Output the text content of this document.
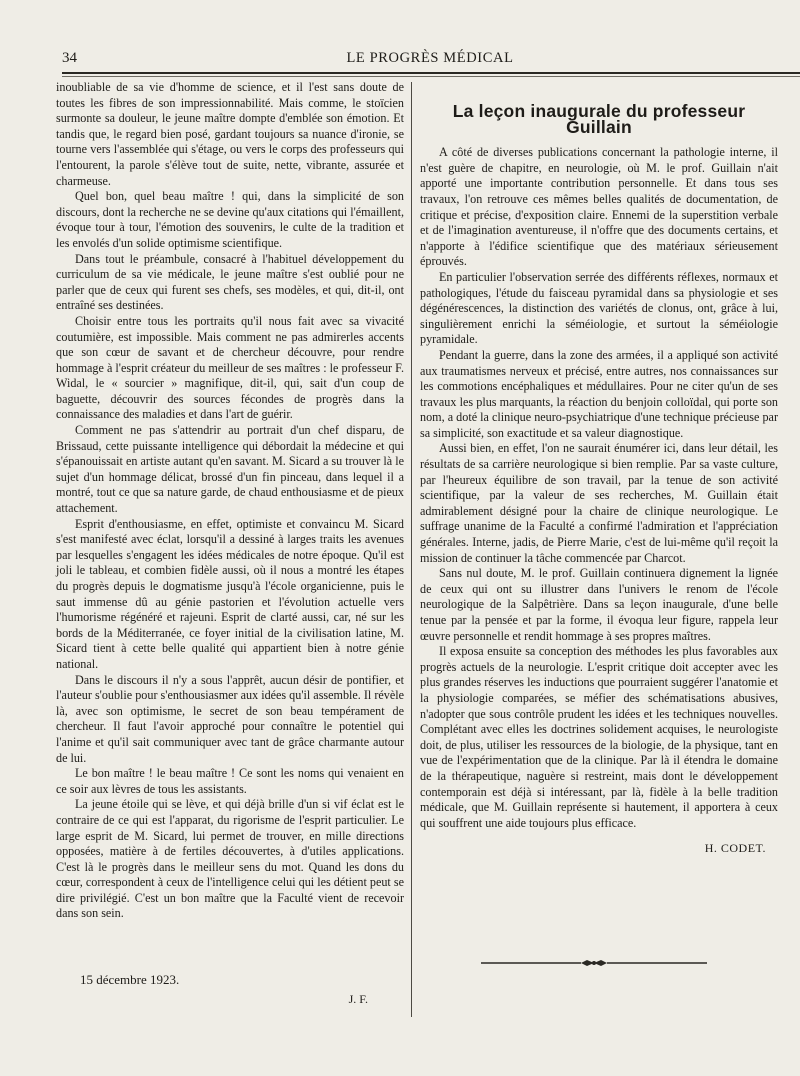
34	LE PROGRÈS MÉDICAL

inoubliable de sa vie d'homme de science, et il l'est sans doute de toutes les fibres de son impressionnabilité. Mais comme, le stoïcien surmonte sa douleur, le jeune maître dompte d'emblée son émotion. Et tandis que, le regard bien posé, gardant toujours sa nuance d'ironie, se tourne vers l'assemblée qui s'étage, ou vers le corps des professeurs qui l'entourent, la parole s'élève tout de suite, nette, vibrante, assurée et charmeuse.

Quel bon, quel beau maître ! qui, dans la simplicité de son discours, dont la recherche ne se devine qu'aux citations qui l'émaillent, évoque tour à tour, l'émotion des souvenirs, le culte de la tradition et les envolés d'un solide optimisme scientifique.

Dans tout le préambule, consacré à l'habituel développement du curriculum de sa vie médicale, le jeune maître s'est oublié pour ne parler que de ceux qui furent ses chefs, ses modèles, et qui, dit-il, ont entraîné ses destinées.

Choisir entre tous les portraits qu'il nous fait avec sa vivacité coutumière, est impossible. Mais comment ne pas admirerles accents que son cœur de savant et de chercheur découvre, pour rendre hommage à l'esprit créateur du meilleur de ses maîtres : le professeur F. Widal, le « sourcier » magnifique, dit-il, qui, sait d'un coup de baguette, découvrir des sources fécondes de progrès dans la connaissance des maladies et dans l'art de guérir.

Comment ne pas s'attendrir au portrait d'un chef disparu, de Brissaud, cette puissante intelligence qui débordait la médecine et qui s'épanouissait en artiste autant qu'en savant. M. Sicard a su trouver là le sujet d'un hommage délicat, brossé d'un fin pinceau, dans lequel il a montré, tout ce que sa nature garde, de chaud enthousiasme et de pieux attachement.

Esprit d'enthousiasme, en effet, optimiste et convaincu M. Sicard s'est manifesté avec éclat, lorsqu'il a dessiné à larges traits les avenues par lesquelles s'engagent les idées médicales de notre époque. Qu'il est joli le tableau, et combien fidèle aussi, où il nous a montré les étapes du progrès depuis le dogmatisme jusqu'à l'école organicienne, puis le saut immense dû au génie pastorien et l'évolution actuelle vers l'humorisme régénéré et rajeuni. Esprit de clarté aussi, car, né sur les bords de la Méditerranée, ce foyer initial de la civilisation latine, M. Sicard tient à cette belle qualité qui appartient bien à notre génie national.

Dans le discours il n'y a sous l'apprêt, aucun désir de pontifier, et l'auteur s'oublie pour s'enthousiasmer aux idées qu'il assemble. Il révèle là, avec son optimisme, le secret de son beau tempérament de chercheur. Il faut l'avoir approché pour connaître le potentiel qui l'anime et qu'il sait communiquer avec tant de grâce charmante autour de lui.

Le bon maître ! le beau maître ! Ce sont les noms qui venaient en ce soir aux lèvres de tous les assistants.

La jeune étoile qui se lève, et qui déjà brille d'un si vif éclat est le contraire de ce qui est l'apparat, du rigorisme de l'esprit particulier. Le large esprit de M. Sicard, lui permet de trouver, en mille directions opposées, matière à de fertiles découvertes, à d'utiles applications. C'est là le progrès dans le meilleur sens du mot. Quand les dons du cœur, correspondent à ceux de l'intelligence celui qui les détient peut se dire privilégié. C'est un bon maître que la Faculté vient de recevoir dans son sein.

15 décembre 1923.
J. F.
La leçon inaugurale du professeur Guillain

A côté de diverses publications concernant la pathologie interne, il n'est guère de chapitre, en neurologie, où M. le prof. Guillain n'ait apporté une importante contribution personnelle. Et dans tous ses travaux, l'on retrouve ces mêmes belles qualités de documentation, de critique et précise, d'exposition claire. Ennemi de la superstition verbale et de l'imagination aventureuse, il n'offre que des documents certains, et n'apporte à l'édifice scientifique que des matériaux sérieusement éprouvés.

En particulier l'observation serrée des différents réflexes, normaux et pathologiques, l'étude du faisceau pyramidal dans sa physiologie et ses dégénérescences, la distinction des variétés de clonus, ont, grâce à lui, singulièrement enrichi la séméiologie, et surtout la séméiologie pyramidale.

Pendant la guerre, dans la zone des armées, il a appliqué son activité aux traumatismes nerveux et précisé, entre autres, nos connaissances sur les commotions encéphaliques et médullaires. Pour ne citer qu'un de ses travaux les plus marquants, la réaction du benjoin colloïdal, qui porte son nom, a doté la clinique neuro-psychiatrique d'une technique précieuse par sa simplicité, son exactitude et sa valeur diagnostique.

Aussi bien, en effet, l'on ne saurait énumérer ici, dans leur détail, les résultats de sa carrière neurologique si bien remplie. Par sa vaste culture, par l'heureux équilibre de son travail, par la tenue de son activité scientifique, par la valeur de ses recherches, M. Guillain était admirablement désigné pour la chaire de clinique neurologique. Le suffrage unanime de la Faculté a confirmé l'admiration et l'appréciation générales. Interne, jadis, de Pierre Marie, c'est de lui-même qu'il reçoit la mission de continuer la tâche commencée par Charcot.

Sans nul doute, M. le prof. Guillain continuera dignement la lignée de ceux qui ont su illustrer dans l'univers le renom de l'école neurologique de la Salpêtrière. Dans sa leçon inaugurale, d'une belle tenue par la pensée et par la forme, il évoqua leur figure, rappela leur œuvre personnelle et rendit hommage à ses propres maîtres.

Il exposa ensuite sa conception des méthodes les plus favorables aux progrès actuels de la neurologie. L'esprit critique doit accepter avec les plus grandes réserves les inductions que pourraient suggérer l'anatomie et la physiologie comparées, se méfier des schématisations abusives, n'adopter que sous contrôle prudent les idées et les techniques nouvelles. Complétant avec elles les doctrines solidement acquises, le neurologiste doit, de plus, utiliser les ressources de la biologie, de la physique, tant en vue de l'expérimentation que de la clinique. Par là il étendra le domaine de la thérapeutique, naguère si restreint, mais dont le développement contemporain est déjà si intéressant, par là, fidèle à la belle tradition médicale, que M. Guillain représente si hautement, il apportera à ceux qui souffrent une aide toujours plus efficace.

H. CODET.
